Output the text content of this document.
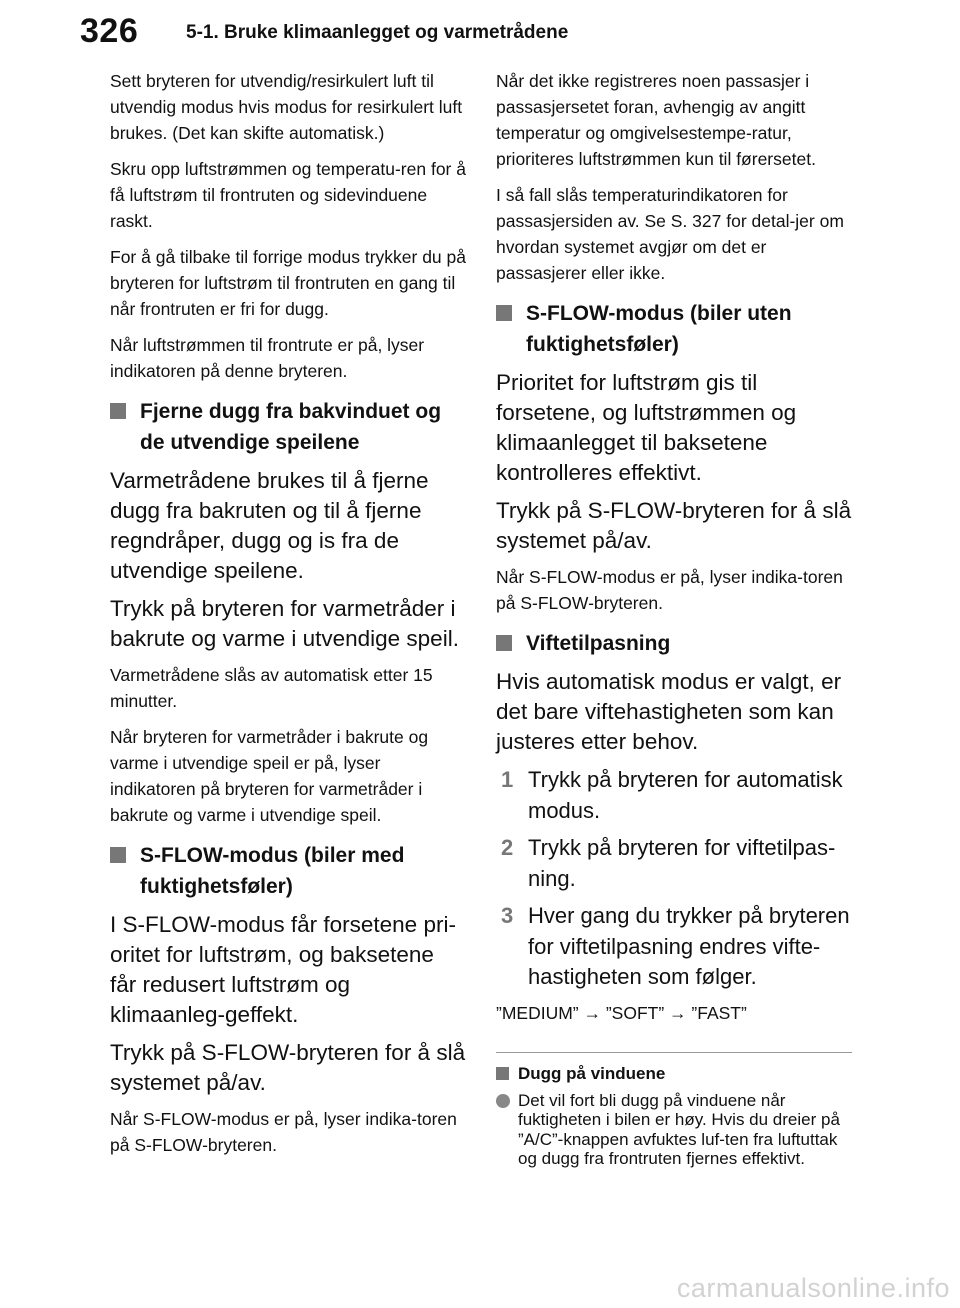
326	5-1. Bruke klimaanlegget og varmetrådene

Sett bryteren for utvendig/resirkulert luft til utvendig modus hvis modus for resirkulert luft brukes. (Det kan skifte automatisk.)

Skru opp luftstrømmen og temperatu-ren for å få luftstrøm til frontruten og sidevinduene raskt.

For å gå tilbake til forrige modus trykker du på bryteren for luftstrøm til frontruten en gang til når frontruten er fri for dugg.

Når luftstrømmen til frontrute er på, lyser indikatoren på denne bryteren.

Fjerne dugg fra bakvinduet og de utvendige speilene

Varmetrådene brukes til å fjerne dugg fra bakruten og til å fjerne regndråper, dugg og is fra de utvendige speilene.

Trykk på bryteren for varmetråder i bakrute og varme i utvendige speil.

Varmetrådene slås av automatisk etter 15 minutter.

Når bryteren for varmetråder i bakrute og varme i utvendige speil er på, lyser indikatoren på bryteren for varmetråder i bakrute og varme i utvendige speil.

S-FLOW-modus (biler med fuktighetsføler)

I S-FLOW-modus får forsetene pri-oritet for luftstrøm, og baksetene får redusert luftstrøm og klimaanleg-geffekt.

Trykk på S-FLOW-bryteren for å slå systemet på/av.

Når S-FLOW-modus er på, lyser indika-toren på S-FLOW-bryteren.

Når det ikke registreres noen passasjer i passasjersetet foran, avhengig av angitt temperatur og omgivelsestempe-ratur, prioriteres luftstrømmen kun til førersetet.

I så fall slås temperaturindikatoren for passasjersiden av. Se S. 327 for detal-jer om hvordan systemet avgjør om det er passasjerer eller ikke.

S-FLOW-modus (biler uten fuktighetsføler)

Prioritet for luftstrøm gis til forsetene, og luftstrømmen og klimaanlegget til baksetene kontrolleres effektivt.

Trykk på S-FLOW-bryteren for å slå systemet på/av.

Når S-FLOW-modus er på, lyser indika-toren på S-FLOW-bryteren.

Viftetilpasning

Hvis automatisk modus er valgt, er det bare viftehastigheten som kan justeres etter behov.

1 Trykk på bryteren for automatisk modus.
2 Trykk på bryteren for viftetilpas-ning.
3 Hver gang du trykker på bryteren for viftetilpasning endres vifte-hastigheten som følger.

”MEDIUM” → ”SOFT” → ”FAST”

Dugg på vinduene
Det vil fort bli dugg på vinduene når fuktigheten i bilen er høy. Hvis du dreier på ”A/C”-knappen avfuktes luf-ten fra luftuttak og dugg fra frontruten fjernes effektivt.
carmanualsonline.info
